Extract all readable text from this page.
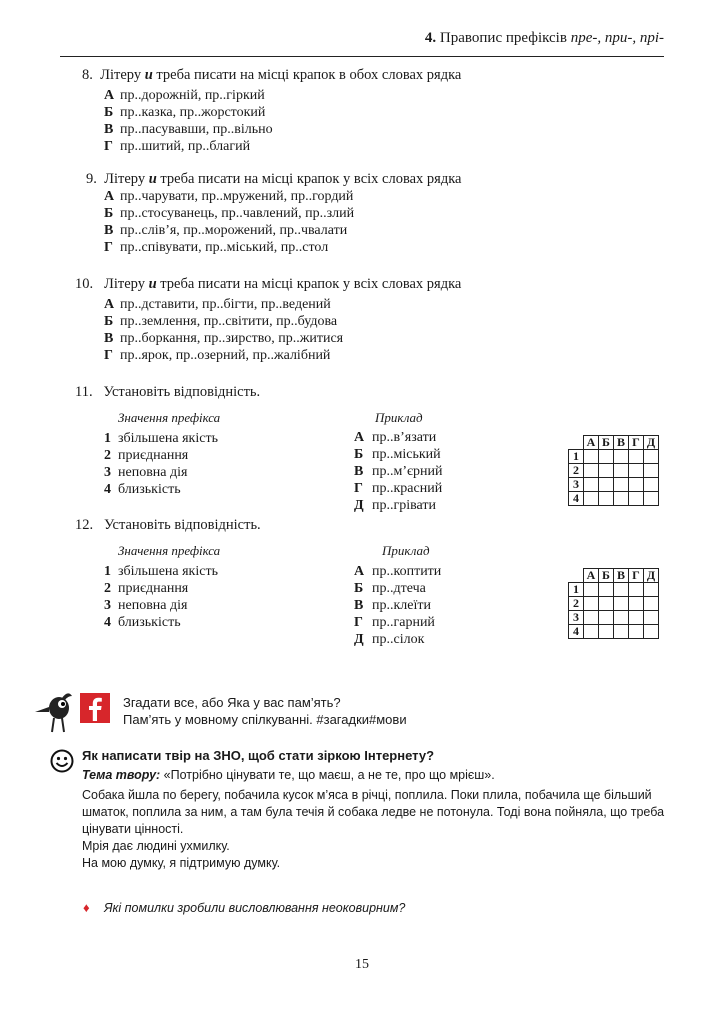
4. Правопис префіксів пре-, при-, прі-
8. Літеру и треба писати на місці крапок в обох словах рядка
А пр..дорожній, пр..гіркий
Б пр..казка, пр..жорстокий
В пр..пасувавши, пр..вільно
Г пр..шитий, пр..благий
9. Літеру и треба писати на місці крапок у всіх словах рядка
А пр..чарувати, пр..мружений, пр..гордий
Б пр..стосуванець, пр..чавлений, пр..злий
В пр..слів’я, пр..морожений, пр..чвалати
Г пр..співувати, пр..міський, пр..стол
10. Літеру и треба писати на місці крапок у всіх словах рядка
А пр..дставити, пр..бігти, пр..ведений
Б пр..землення, пр..світити, пр..будова
В пр..боркання, пр..зирство, пр..житися
Г пр..ярок, пр..озерний, пр..жалібний
11. Установіть відповідність.
Значення префікса	Приклад
1 збільшена якість
2 приєднання
3 неповна дія
4 близькість
А пр..в’язати
Б пр..міський
В пр..м’єрний
Г пр..красний
Д пр..грівати
	А	Б	В	Г	Д
1					
2					
3					
4					
12. Установіть відповідність.
Значення префікса	Приклад
1 збільшена якість
2 приєднання
3 неповна дія
4 близькість
А пр..коптити
Б пр..дтеча
В пр..клеїти
Г пр..гарний
Д пр..сілок
	А	Б	В	Г	Д
1					
2					
3					
4					
Згадати все, або Яка у вас пам’ять?
Пам’ять у мовному спілкуванні. #загадки#мови
Як написати твір на ЗНО, щоб стати зіркою Інтернету?
Тема твору: «Потрібно цінувати те, що маєш, а не те, про що мрієш».
Собака йшла по берегу, побачила кусок м’яса в річці, поплила. Поки плила, побачила ще більший
шматок, поплила за ним, а там була течія й собака ледве не потонула. Тоді вона пойняла, що треба
цінувати цінності.
Мрія дає людині ухмилку.
На мою думку, я підтримую думку.
♦ Які помилки зробили висловлювання неоковирним?
15
